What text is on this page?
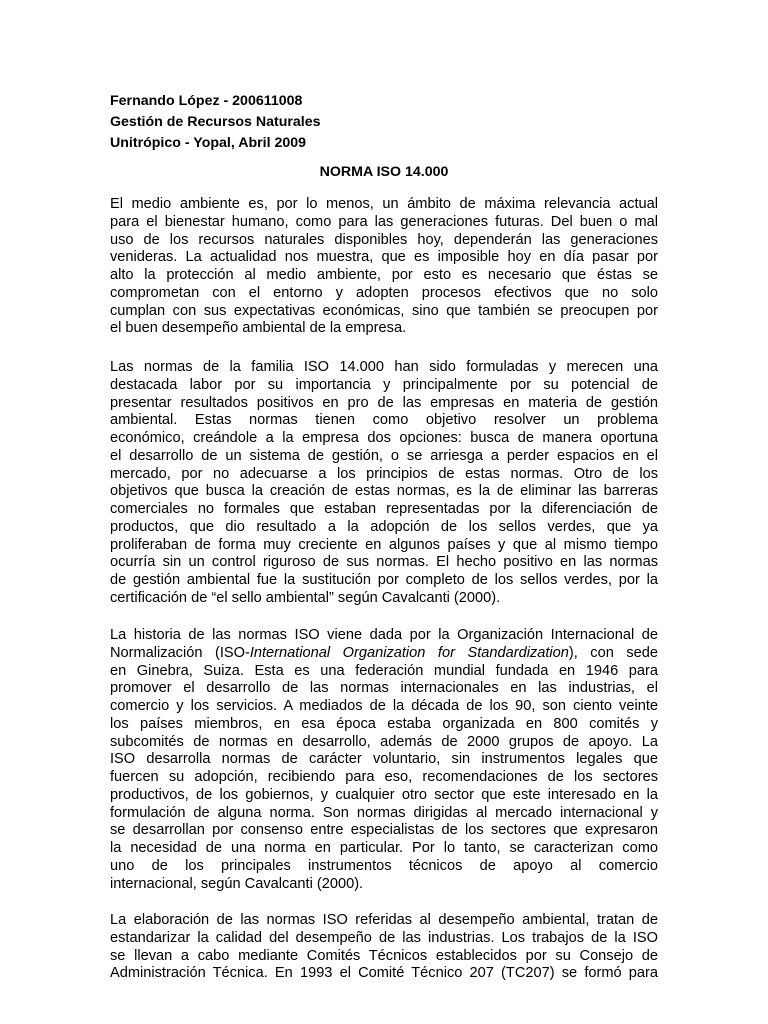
Fernando López - 200611008
Gestión de Recursos Naturales
Unitrópico - Yopal, Abril 2009
NORMA ISO 14.000
El medio ambiente es, por lo menos, un ámbito de máxima relevancia actual
para el bienestar humano, como para las generaciones futuras. Del buen o mal
uso de los recursos naturales disponibles hoy, dependerán las generaciones
venideras. La actualidad nos muestra, que es imposible hoy en día pasar por
alto la protección al medio ambiente, por esto es necesario que éstas se
comprometan con el entorno y adopten procesos efectivos que no solo
cumplan con sus expectativas económicas, sino que también se preocupen por
el buen desempeño ambiental de la empresa.
Las normas de la familia ISO 14.000 han sido formuladas y merecen una
destacada labor por su importancia y principalmente por su potencial de
presentar resultados positivos en pro de las empresas en materia de gestión
ambiental. Estas normas tienen como objetivo resolver un problema
económico, creándole a la empresa dos opciones: busca de manera oportuna
el desarrollo de un sistema de gestión, o se arriesga a perder espacios en el
mercado, por no adecuarse a los principios de estas normas. Otro de los
objetivos que busca la creación de estas normas, es la de eliminar las barreras
comerciales no formales que estaban representadas por la diferenciación de
productos, que dio resultado a la adopción de los sellos verdes, que ya
proliferaban de forma muy creciente en algunos países y que al mismo tiempo
ocurría sin un control riguroso de sus normas. El hecho positivo en las normas
de gestión ambiental fue la sustitución por completo de los sellos verdes, por la
certificación de “el sello ambiental” según Cavalcanti (2000).
La historia de las normas ISO viene dada por la Organización Internacional de
Normalización (ISO-International Organization for Standardization), con sede
en Ginebra, Suiza. Esta es una federación mundial fundada en 1946 para
promover el desarrollo de las normas internacionales en las industrias, el
comercio y los servicios. A mediados de la década de los 90, son ciento veinte
los países miembros, en esa época estaba organizada en 800 comités y
subcomités de normas en desarrollo, además de 2000 grupos de apoyo. La
ISO desarrolla normas de carácter voluntario, sin instrumentos legales que
fuercen su adopción, recibiendo para eso, recomendaciones de los sectores
productivos, de los gobiernos, y cualquier otro sector que este interesado en la
formulación de alguna norma. Son normas dirigidas al mercado internacional y
se desarrollan por consenso entre especialistas de los sectores que expresaron
la necesidad de una norma en particular. Por lo tanto, se caracterizan como
uno de los principales instrumentos técnicos de apoyo al comercio
internacional, según Cavalcanti (2000).
La elaboración de las normas ISO referidas al desempeño ambiental, tratan de
estandarizar la calidad del desempeño de las industrias. Los trabajos de la ISO
se llevan a cabo mediante Comités Técnicos establecidos por su Consejo de
Administración Técnica. En 1993 el Comité Técnico 207 (TC207) se formó para
